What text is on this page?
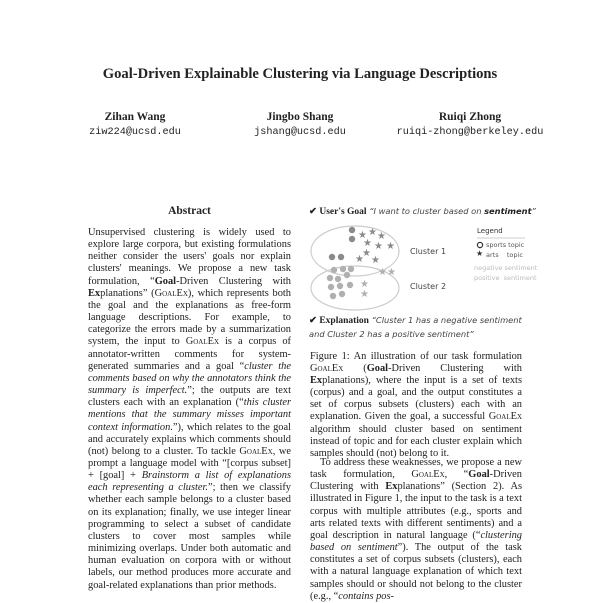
Goal-Driven Explainable Clustering via Language Descriptions
Zihan Wang
ziw224@ucsd.edu
Jingbo Shang
jshang@ucsd.edu
Ruiqi Zhong
ruiqi-zhong@berkeley.edu
Abstract
Unsupervised clustering is widely used to explore large corpora, but existing formulations neither consider the users' goals nor explain clusters' meanings. We propose a new task formulation, “Goal-Driven Clustering with Explanations” (GoalEx), which represents both the goal and the explanations as free-form language descriptions. For example, to categorize the errors made by a summarization system, the input to GoalEx is a corpus of annotator-written comments for system-generated summaries and a goal “cluster the comments based on why the annotators think the summary is imperfect.”; the outputs are text clusters each with an explanation (“this cluster mentions that the summary misses important context information.”), which relates to the goal and accurately explains which comments should (not) belong to a cluster. To tackle GoalEx, we prompt a language model with “[corpus subset] + [goal] + Brainstorm a list of explanations each representing a cluster.”; then we classify whether each sample belongs to a cluster based on its explanation; finally, we use integer linear programming to select a subset of candidate clusters to cover most samples while minimizing overlaps. Under both automatic and human evaluation on corpora with or without labels, our method produces more accurate and goal-related explanations than prior methods.
✔ User's Goal “I want to cluster based on sentiment”
★ ★ ★
★ ★ ★
★
★ ★
★ ★
★
★
★
Cluster 1
Cluster 2
Legend
sports topic
arts    topic
negative sentiment
positive  sentiment
✔ Explanation “Cluster 1 has a negative sentiment and Cluster 2 has a positive sentiment”
Figure 1: An illustration of our task formulation GoalEx (Goal-Driven Clustering with Explanations), where the input is a set of texts (corpus) and a goal, and the output constitutes a set of corpus subsets (clusters) each with an explanation. Given the goal, a successful GoalEx algorithm should cluster based on sentiment instead of topic and for each cluster explain which samples should (not) belong to it.
To address these weaknesses, we propose a new task formulation, GoalEx, “Goal-Driven Clustering with Explanations” (Section 2). As illustrated in Figure 1, the input to the task is a text corpus with multiple attributes (e.g., sports and arts related texts with different sentiments) and a goal description in natural language (“clustering based on sentiment”). The output of the task constitutes a set of corpus subsets (clusters), each with a natural language explanation of which text samples should or should not belong to the cluster (e.g., “contains pos-
